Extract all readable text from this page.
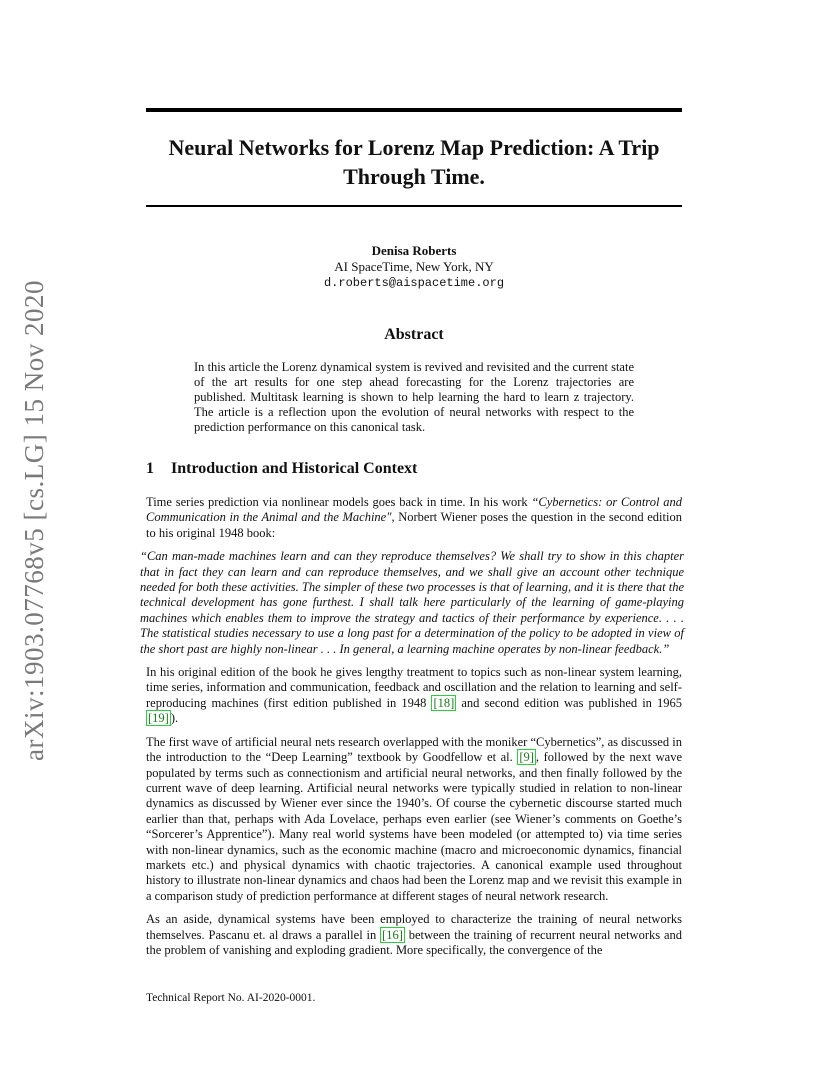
arXiv:1903.07768v5 [cs.LG] 15 Nov 2020
Neural Networks for Lorenz Map Prediction: A Trip Through Time.
Denisa Roberts
AI SpaceTime, New York, NY
d.roberts@aispacetime.org
Abstract

In this article the Lorenz dynamical system is revived and revisited and the current state of the art results for one step ahead forecasting for the Lorenz trajectories are published. Multitask learning is shown to help learning the hard to learn z trajectory. The article is a reflection upon the evolution of neural networks with respect to the prediction performance on this canonical task.

1 Introduction and Historical Context

Time series prediction via nonlinear models goes back in time. In his work “Cybernetics: or Control and Communication in the Animal and the Machine", Norbert Wiener poses the question in the second edition to his original 1948 book:

“Can man-made machines learn and can they reproduce themselves? We shall try to show in this chapter that in fact they can learn and can reproduce themselves, and we shall give an account other technique needed for both these activities. The simpler of these two processes is that of learning, and it is there that the technical development has gone furthest. I shall talk here particularly of the learning of game-playing machines which enables them to improve the strategy and tactics of their performance by experience. . . . The statistical studies necessary to use a long past for a determination of the policy to be adopted in view of the short past are highly non-linear . . . In general, a learning machine operates by non-linear feedback.”

In his original edition of the book he gives lengthy treatment to topics such as non-linear system learning, time series, information and communication, feedback and oscillation and the relation to learning and self-reproducing machines (first edition published in 1948 [18] and second edition was published in 1965 [19] ).

The first wave of artificial neural nets research overlapped with the moniker “Cybernetics”, as discussed in the introduction to the “Deep Learning” textbook by Goodfellow et al. [9] , followed by the next wave populated by terms such as connectionism and artificial neural networks, and then finally followed by the current wave of deep learning. Artificial neural networks were typically studied in relation to non-linear dynamics as discussed by Wiener ever since the 1940’s. Of course the cybernetic discourse started much earlier than that, perhaps with Ada Lovelace, perhaps even earlier (see Wiener’s comments on Goethe’s “Sorcerer’s Apprentice”). Many real world systems have been modeled (or attempted to) via time series with non-linear dynamics, such as the economic machine (macro and microeconomic dynamics, financial markets etc.) and physical dynamics with chaotic trajectories. A canonical example used throughout history to illustrate non-linear dynamics and chaos had been the Lorenz map and we revisit this example in a comparison study of prediction performance at different stages of neural network research.

As an aside, dynamical systems have been employed to characterize the training of neural networks themselves. Pascanu et. al draws a parallel in [16] between the training of recurrent neural networks and the problem of vanishing and exploding gradient. More specifically, the convergence of the

Technical Report No. AI-2020-0001.
